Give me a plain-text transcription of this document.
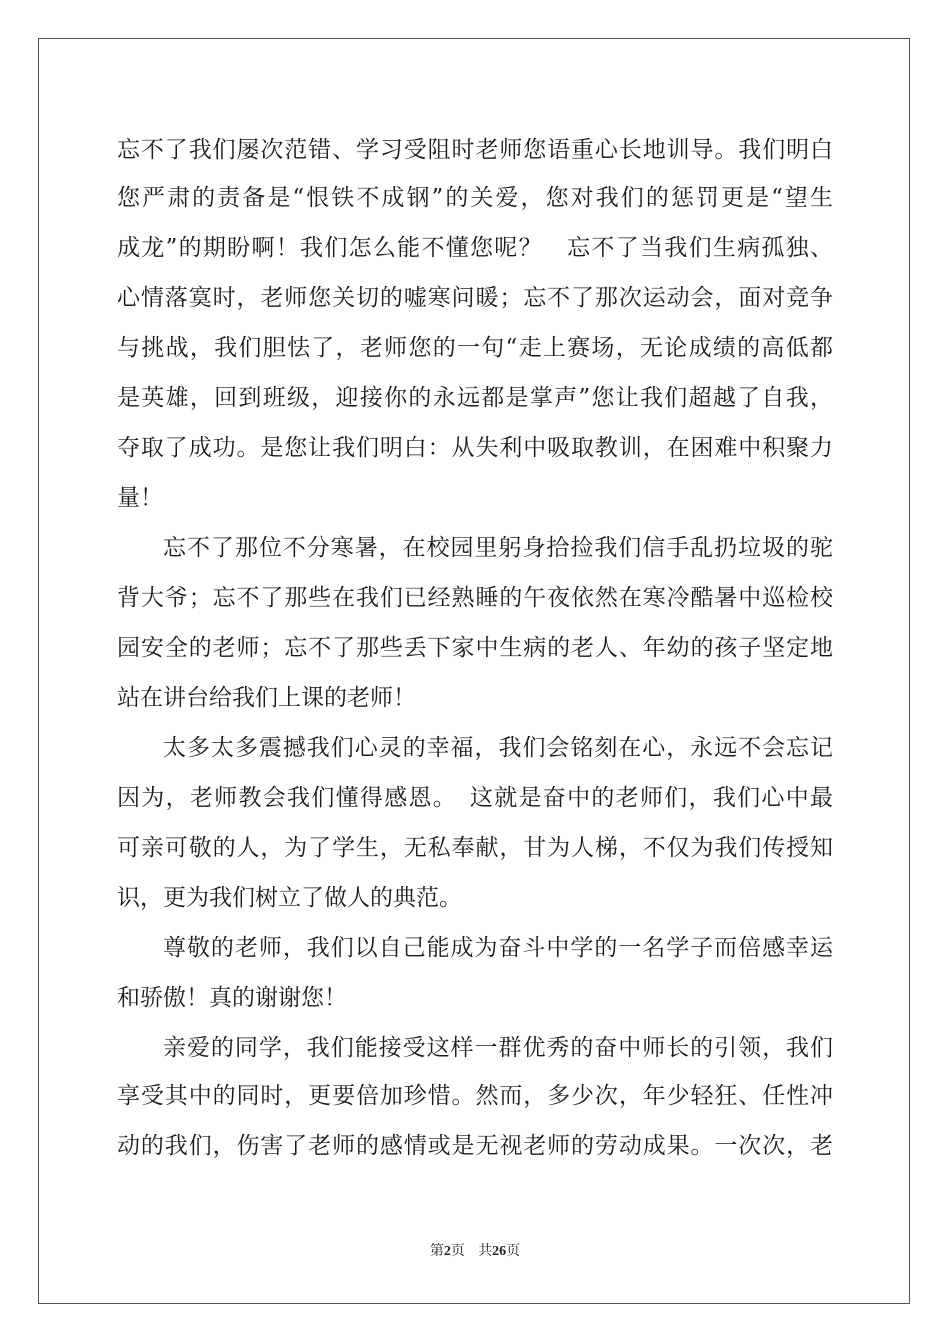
忘不了我们屡次范错、学习受阻时老师您语重心长地训导。我们明白
您严肃的责备是“恨铁不成钢”的关爱，您对我们的惩罚更是“望生
成龙”的期盼啊！我们怎么能不懂您呢？　忘不了当我们生病孤独、
心情落寞时，老师您关切的嘘寒问暖；忘不了那次运动会，面对竞争
与挑战，我们胆怯了，老师您的一句“走上赛场，无论成绩的高低都
是英雄，回到班级，迎接你的永远都是掌声”您让我们超越了自我，
夺取了成功。是您让我们明白：从失利中吸取教训，在困难中积聚力
量！
忘不了那位不分寒暑，在校园里躬身拾捡我们信手乱扔垃圾的驼
背大爷；忘不了那些在我们已经熟睡的午夜依然在寒冷酷暑中巡检校
园安全的老师；忘不了那些丢下家中生病的老人、年幼的孩子坚定地
站在讲台给我们上课的老师！
太多太多震撼我们心灵的幸福，我们会铭刻在心，永远不会忘记
因为，老师教会我们懂得感恩。　这就是奋中的老师们，我们心中最
可亲可敬的人，为了学生，无私奉献，甘为人梯，不仅为我们传授知
识，更为我们树立了做人的典范。
尊敬的老师，我们以自己能成为奋斗中学的一名学子而倍感幸运
和骄傲！真的谢谢您！
亲爱的同学，我们能接受这样一群优秀的奋中师长的引领，我们
享受其中的同时，更要倍加珍惜。然而，多少次，年少轻狂、任性冲
动的我们，伤害了老师的感情或是无视老师的劳动成果。一次次，老
第2页 共26页
